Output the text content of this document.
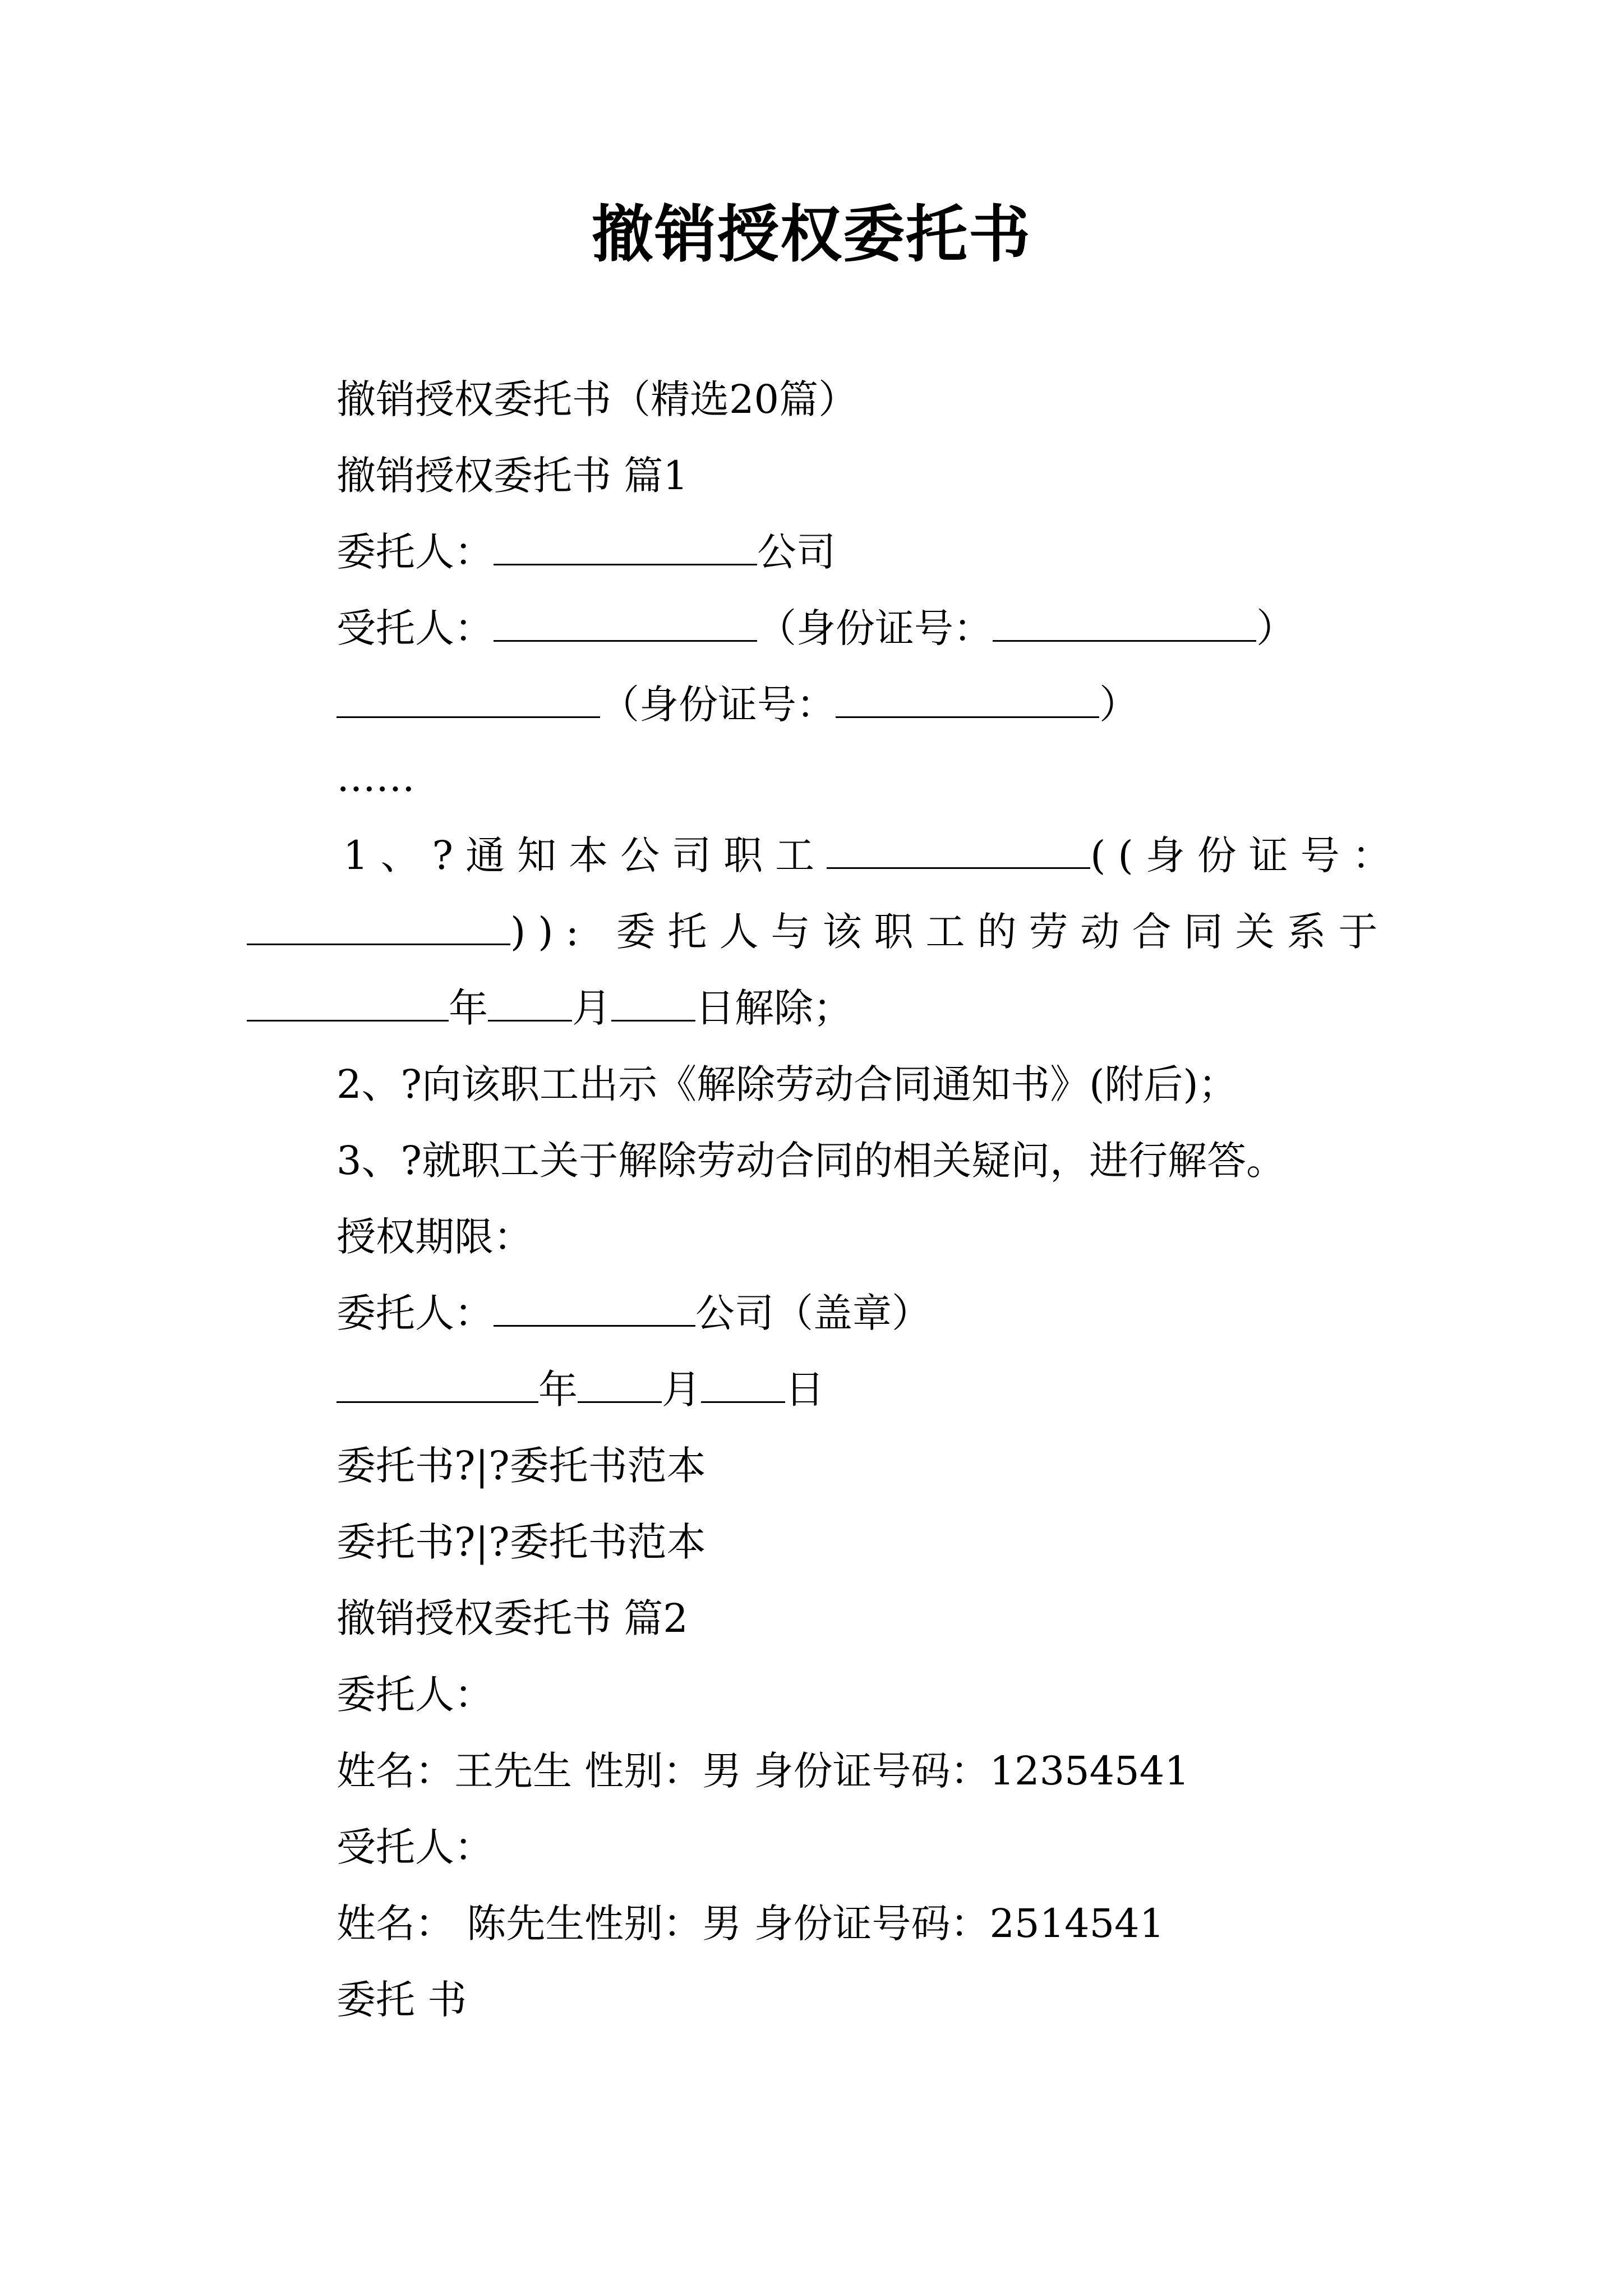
撤销授权委托书
撤销授权委托书（精选20篇）
撤销授权委托书 篇1
委托人：	公司
受托人：	（身份证号：	）
（身份证号：	）
……
1、?通知本公司职工	((身份证号：
)): 委托人与该职工的劳动合同关系于
年 月 日解除；
2、?向该职工出示《解除劳动合同通知书》(附后)；
3、?就职工关于解除劳动合同的相关疑问，进行解答。
授权期限：
委托人：	公司（盖章）
年 月 日
委托书?|?委托书范本
委托书?|?委托书范本
撤销授权委托书 篇2
委托人：
姓名：王先生 性别：男 身份证号码：12354541
受托人：
姓名： 陈先生性别：男 身份证号码：2514541
委托 书
